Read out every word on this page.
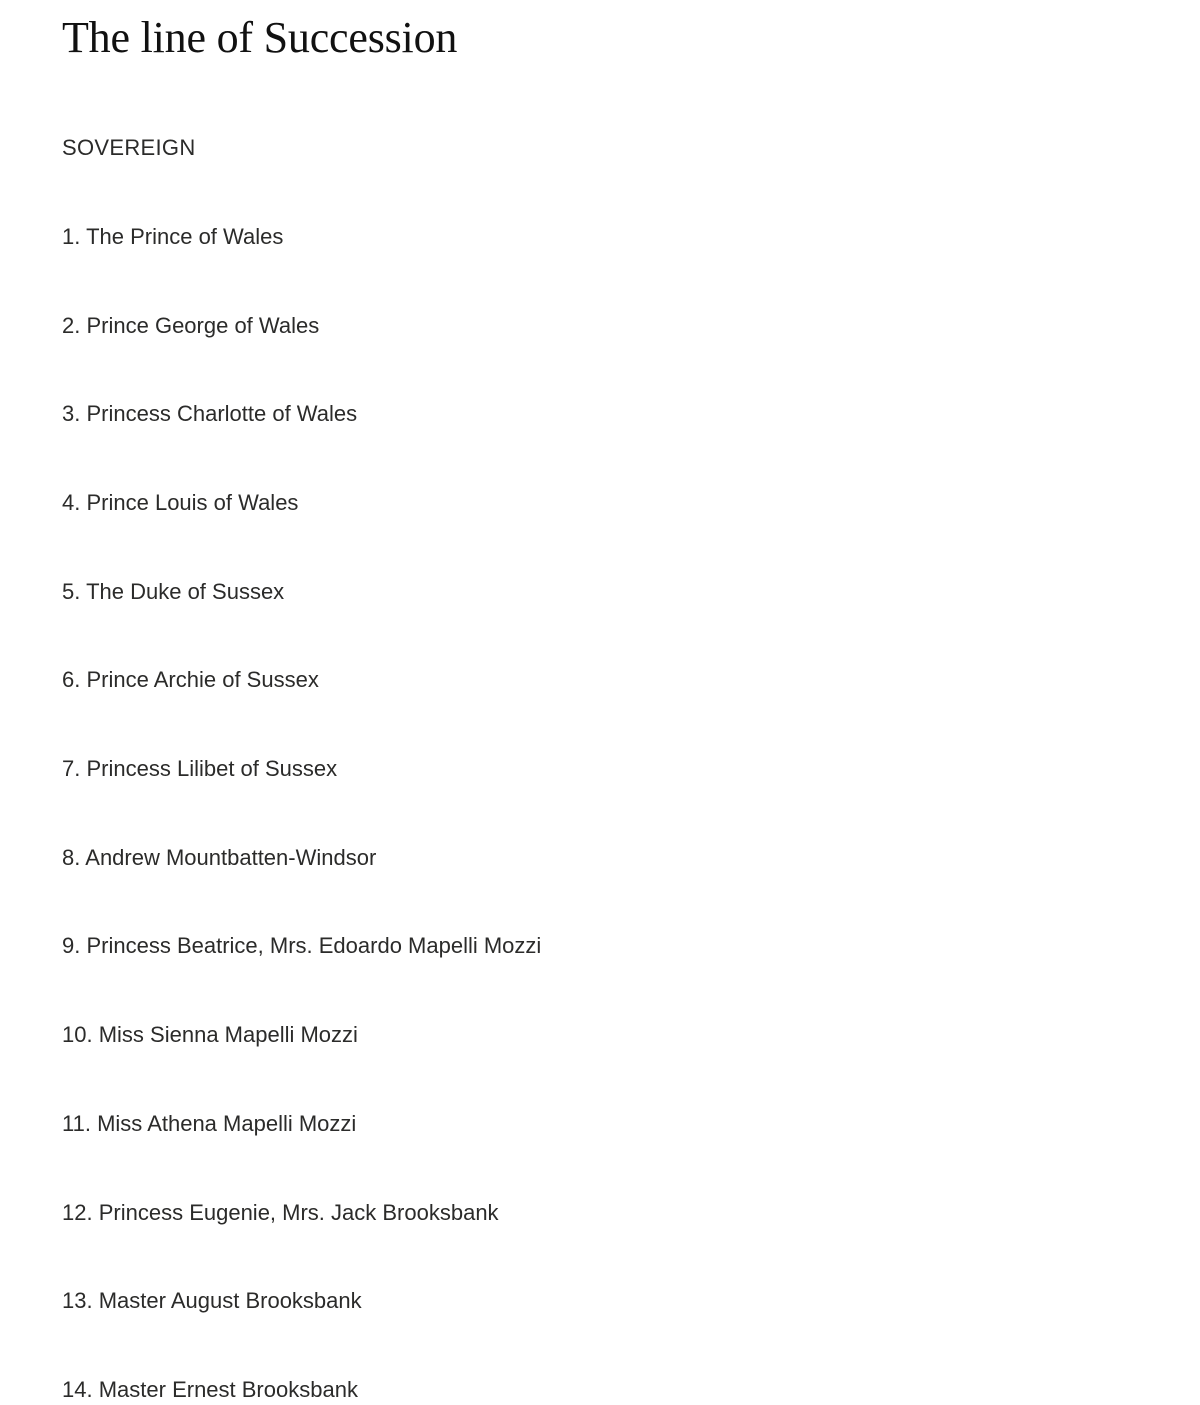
The line of Succession
SOVEREIGN
1. The Prince of Wales
2. Prince George of Wales
3. Princess Charlotte of Wales
4. Prince Louis of Wales
5. The Duke of Sussex
6. Prince Archie of Sussex
7. Princess Lilibet of Sussex
8. Andrew Mountbatten-Windsor
9. Princess Beatrice, Mrs. Edoardo Mapelli Mozzi
10. Miss Sienna Mapelli Mozzi
11. Miss Athena Mapelli Mozzi
12. Princess Eugenie, Mrs. Jack Brooksbank
13. Master August Brooksbank
14. Master Ernest Brooksbank
